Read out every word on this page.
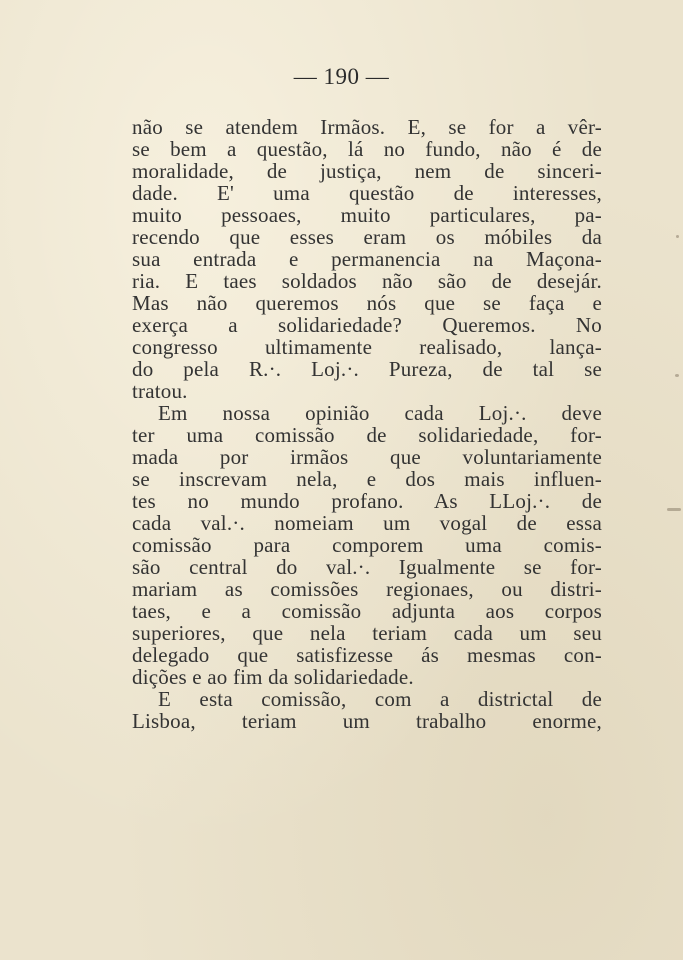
— 190 —
não se atendem Irmãos. E, se for a vêr-
se bem a questão, lá no fundo, não é de
moralidade, de justiça, nem de sinceri-
dade. E' uma questão de interesses,
muito pessoaes, muito particulares, pa-
recendo que esses eram os móbiles da
sua entrada e permanencia na Maçona-
ria. E taes soldados não são de desejár.
Mas não queremos nós que se faça e
exerça a solidariedade? Queremos. No
congresso ultimamente realisado, lança-
do pela R.·. Loj.·. Pureza, de tal se
tratou.
Em nossa opinião cada Loj.·. deve
ter uma comissão de solidariedade, for-
mada por irmãos que voluntariamente
se inscrevam nela, e dos mais influen-
tes no mundo profano. As LLoj.·. de
cada val.·. nomeiam um vogal de essa
comissão para comporem uma comis-
são central do val.·. Igualmente se for-
mariam as comissões regionaes, ou distri-
taes, e a comissão adjunta aos corpos
superiores, que nela teriam cada um seu
delegado que satisfizesse ás mesmas con-
dições e ao fim da solidariedade.
E esta comissão, com a districtal de
Lisboa, teriam um trabalho enorme,
